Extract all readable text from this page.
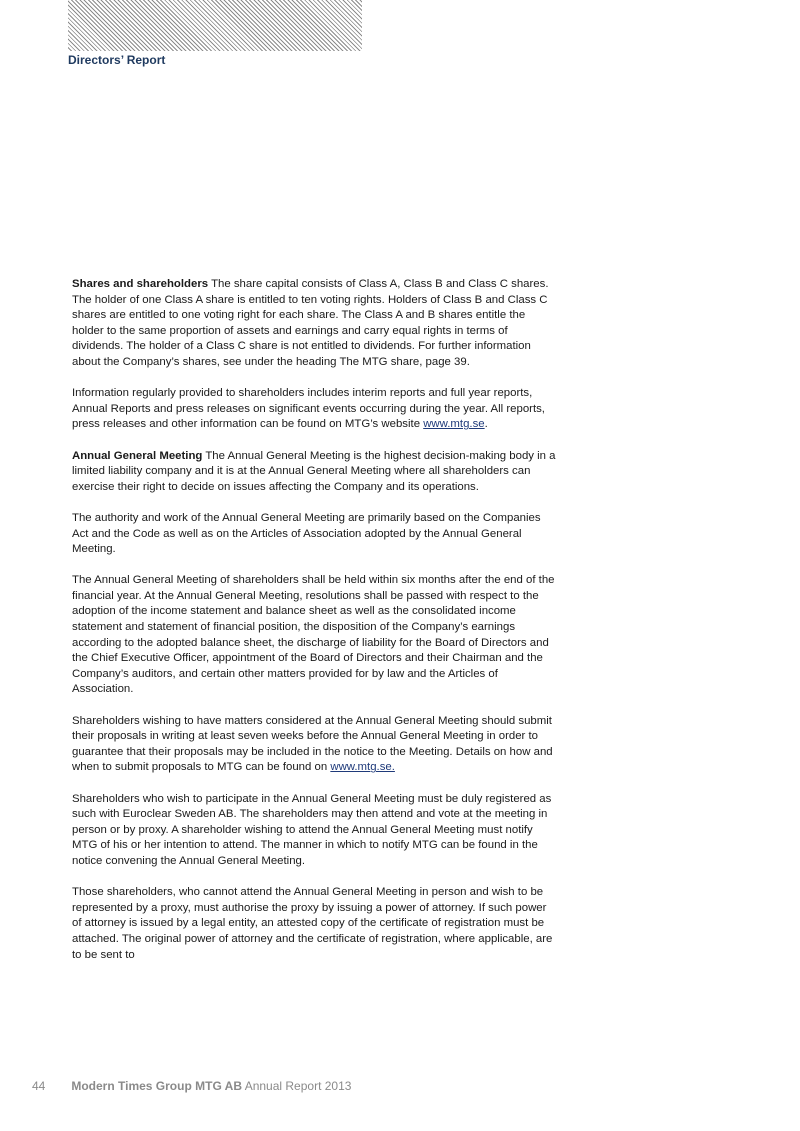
Directors’ Report

Shares and shareholders The share capital consists of Class A, Class B and Class C shares. The holder of one Class A share is entitled to ten voting rights. Holders of Class B and Class C shares are entitled to one voting right for each share. The Class A and B shares entitle the holder to the same proportion of assets and earnings and carry equal rights in terms of dividends. The holder of a Class C share is not entitled to dividends. For further information about the Company’s shares, see under the heading The MTG share, page 39.

Information regularly provided to shareholders includes interim reports and full year reports, Annual Reports and press releases on significant events occurring during the year. All reports, press releases and other information can be found on MTG’s website www.mtg.se.

Annual General Meeting The Annual General Meeting is the highest decision-making body in a limited liability company and it is at the Annual General Meeting where all shareholders can exercise their right to decide on issues affecting the Company and its operations.

The authority and work of the Annual General Meeting are primarily based on the Companies Act and the Code as well as on the Articles of Association adopted by the Annual General Meeting.

The Annual General Meeting of shareholders shall be held within six months after the end of the financial year. At the Annual General Meeting, resolutions shall be passed with respect to the adoption of the income statement and balance sheet as well as the consolidated income statement and statement of financial position, the disposition of the Company’s earnings according to the adopted balance sheet, the discharge of liability for the Board of Directors and the Chief Executive Officer, appointment of the Board of Directors and their Chairman and the Company’s auditors, and certain other matters provided for by law and the Articles of Association.

Shareholders wishing to have matters considered at the Annual General Meeting should submit their proposals in writing at least seven weeks before the Annual General Meeting in order to guarantee that their proposals may be included in the notice to the Meeting. Details on how and when to submit proposals to MTG can be found on www.mtg.se.

Shareholders who wish to participate in the Annual General Meeting must be duly registered as such with Euroclear Sweden AB. The shareholders may then attend and vote at the meeting in person or by proxy. A shareholder wishing to attend the Annual General Meeting must notify MTG of his or her intention to attend. The manner in which to notify MTG can be found in the notice convening the Annual General Meeting.

Those shareholders, who cannot attend the Annual General Meeting in person and wish to be represented by a proxy, must authorise the proxy by issuing a power of attorney. If such power of attorney is issued by a legal entity, an attested copy of the certificate of registration must be attached. The original power of attorney and the certificate of registration, where applicable, are to be sent to

44 Modern Times Group MTG AB Annual Report 2013
